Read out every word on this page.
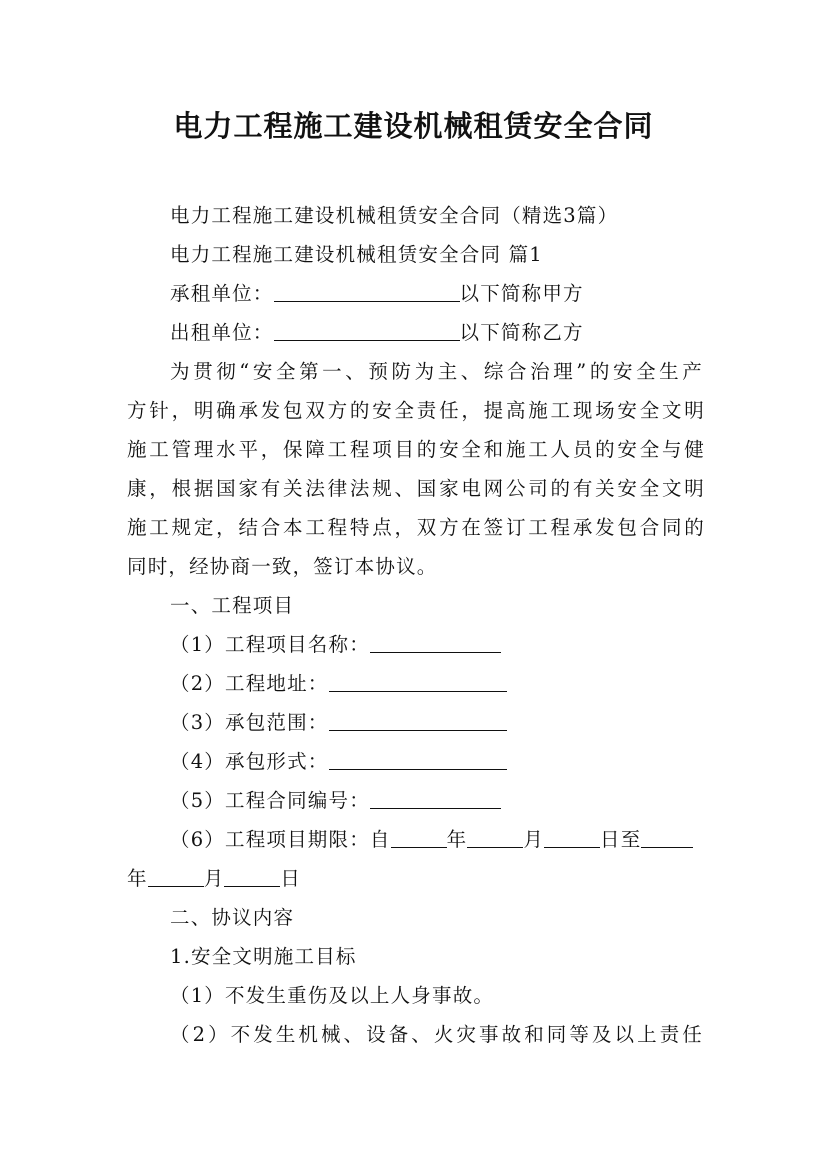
电力工程施工建设机械租赁安全合同
电力工程施工建设机械租赁安全合同（精选3篇）
电力工程施工建设机械租赁安全合同 篇1
承租单位：	以下简称甲方
出租单位：	以下简称乙方
为贯彻“安全第一、预防为主、综合治理”的安全生产
方针，明确承发包双方的安全责任，提高施工现场安全文明
施工管理水平，保障工程项目的安全和施工人员的安全与健
康，根据国家有关法律法规、国家电网公司的有关安全文明
施工规定，结合本工程特点，双方在签订工程承发包合同的
同时，经协商一致，签订本协议。
一、工程项目
（1）工程项目名称：
（2）工程地址：
（3）承包范围：
（4）承包形式：
（5）工程合同编号：
（6）工程项目期限：自	年	月	日至
年	月	日
二、协议内容
1.安全文明施工目标
（1）不发生重伤及以上人身事故。
（2）不发生机械、设备、火灾事故和同等及以上责任
